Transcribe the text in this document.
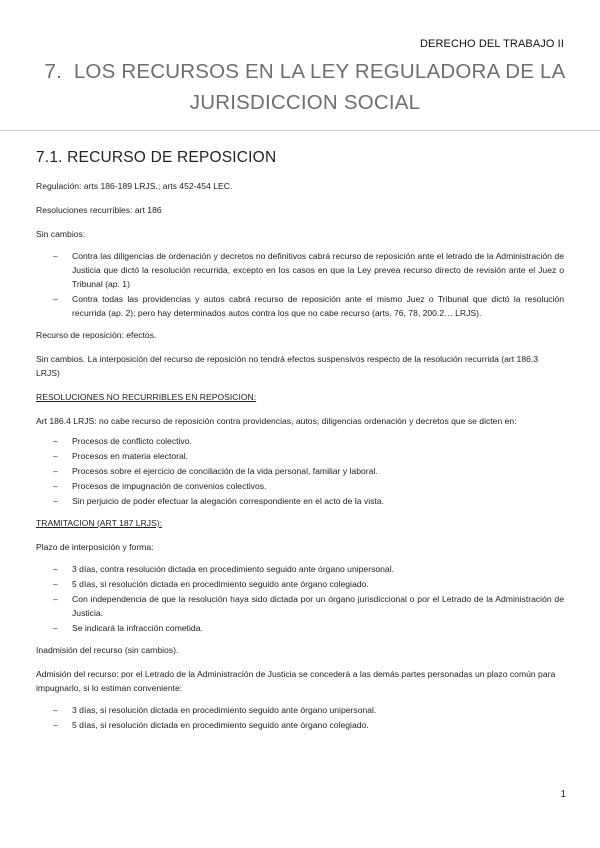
DERECHO DEL TRABAJO II
7. LOS RECURSOS EN LA LEY REGULADORA DE LA JURISDICCION SOCIAL
7.1. RECURSO DE REPOSICION

Regulación: arts 186-189 LRJS.; arts 452-454 LEC.

Resoluciones recurribles: art 186

Sin cambios:

–
Contra las diligencias de ordenación y decretos no definitivos cabrá recurso de reposición ante el letrado de la Administración de Justicia que dictó la resolución recurrida, excepto en los casos en que la Ley prevea recurso directo de revisión ante el Juez o Tribunal (ap. 1)
–
Contra todas las providencias y autos cabrá recurso de reposición ante el mismo Juez o Tribunal que dictó la resolución recurrida (ap. 2); pero hay determinados autos contra los que no cabe recurso (arts. 76, 78, 200.2… LRJS).

Recurso de reposición: efectos.

Sin cambios. La interposición del recurso de reposición no tendrá efectos suspensivos respecto de la resolución recurrida (art 186.3 LRJS)

RESOLUCIONES NO RECURRIBLES EN REPOSICION:

Art 186.4 LRJS: no cabe recurso de reposición contra providencias, autos, diligencias ordenación y decretos que se dicten en:

–
Procesos de conflicto colectivo.
–
Procesos en materia electoral.
–
Procesos sobre el ejercicio de conciliación de la vida personal, familiar y laboral.
–
Procesos de impugnación de convenios colectivos.
–
Sin perjuicio de poder efectuar la alegación correspondiente en el acto de la vista.

TRAMITACION (ART 187 LRJS):

Plazo de interposición y forma:

–
3 días, contra resolución dictada en procedimiento seguido ante órgano unipersonal.
–
5 días, si resolución dictada en procedimiento seguido ante órgano colegiado.
–
Con independencia de que la resolución haya sido dictada por un órgano jurisdiccional o por el Letrado de la Administración de Justicia.
–
Se indicará la infracción cometida.

Inadmisión del recurso (sin cambios).

Admisión del recurso: por el Letrado de la Administración de Justicia se concederá a las demás partes personadas un plazo común para impugnarlo, si lo estiman conveniente:

–
3 días, si resolución dictada en procedimiento seguido ante órgano unipersonal.
–
5 días, si resolución dictada en procedimiento seguido ante órgano colegiado.
1
